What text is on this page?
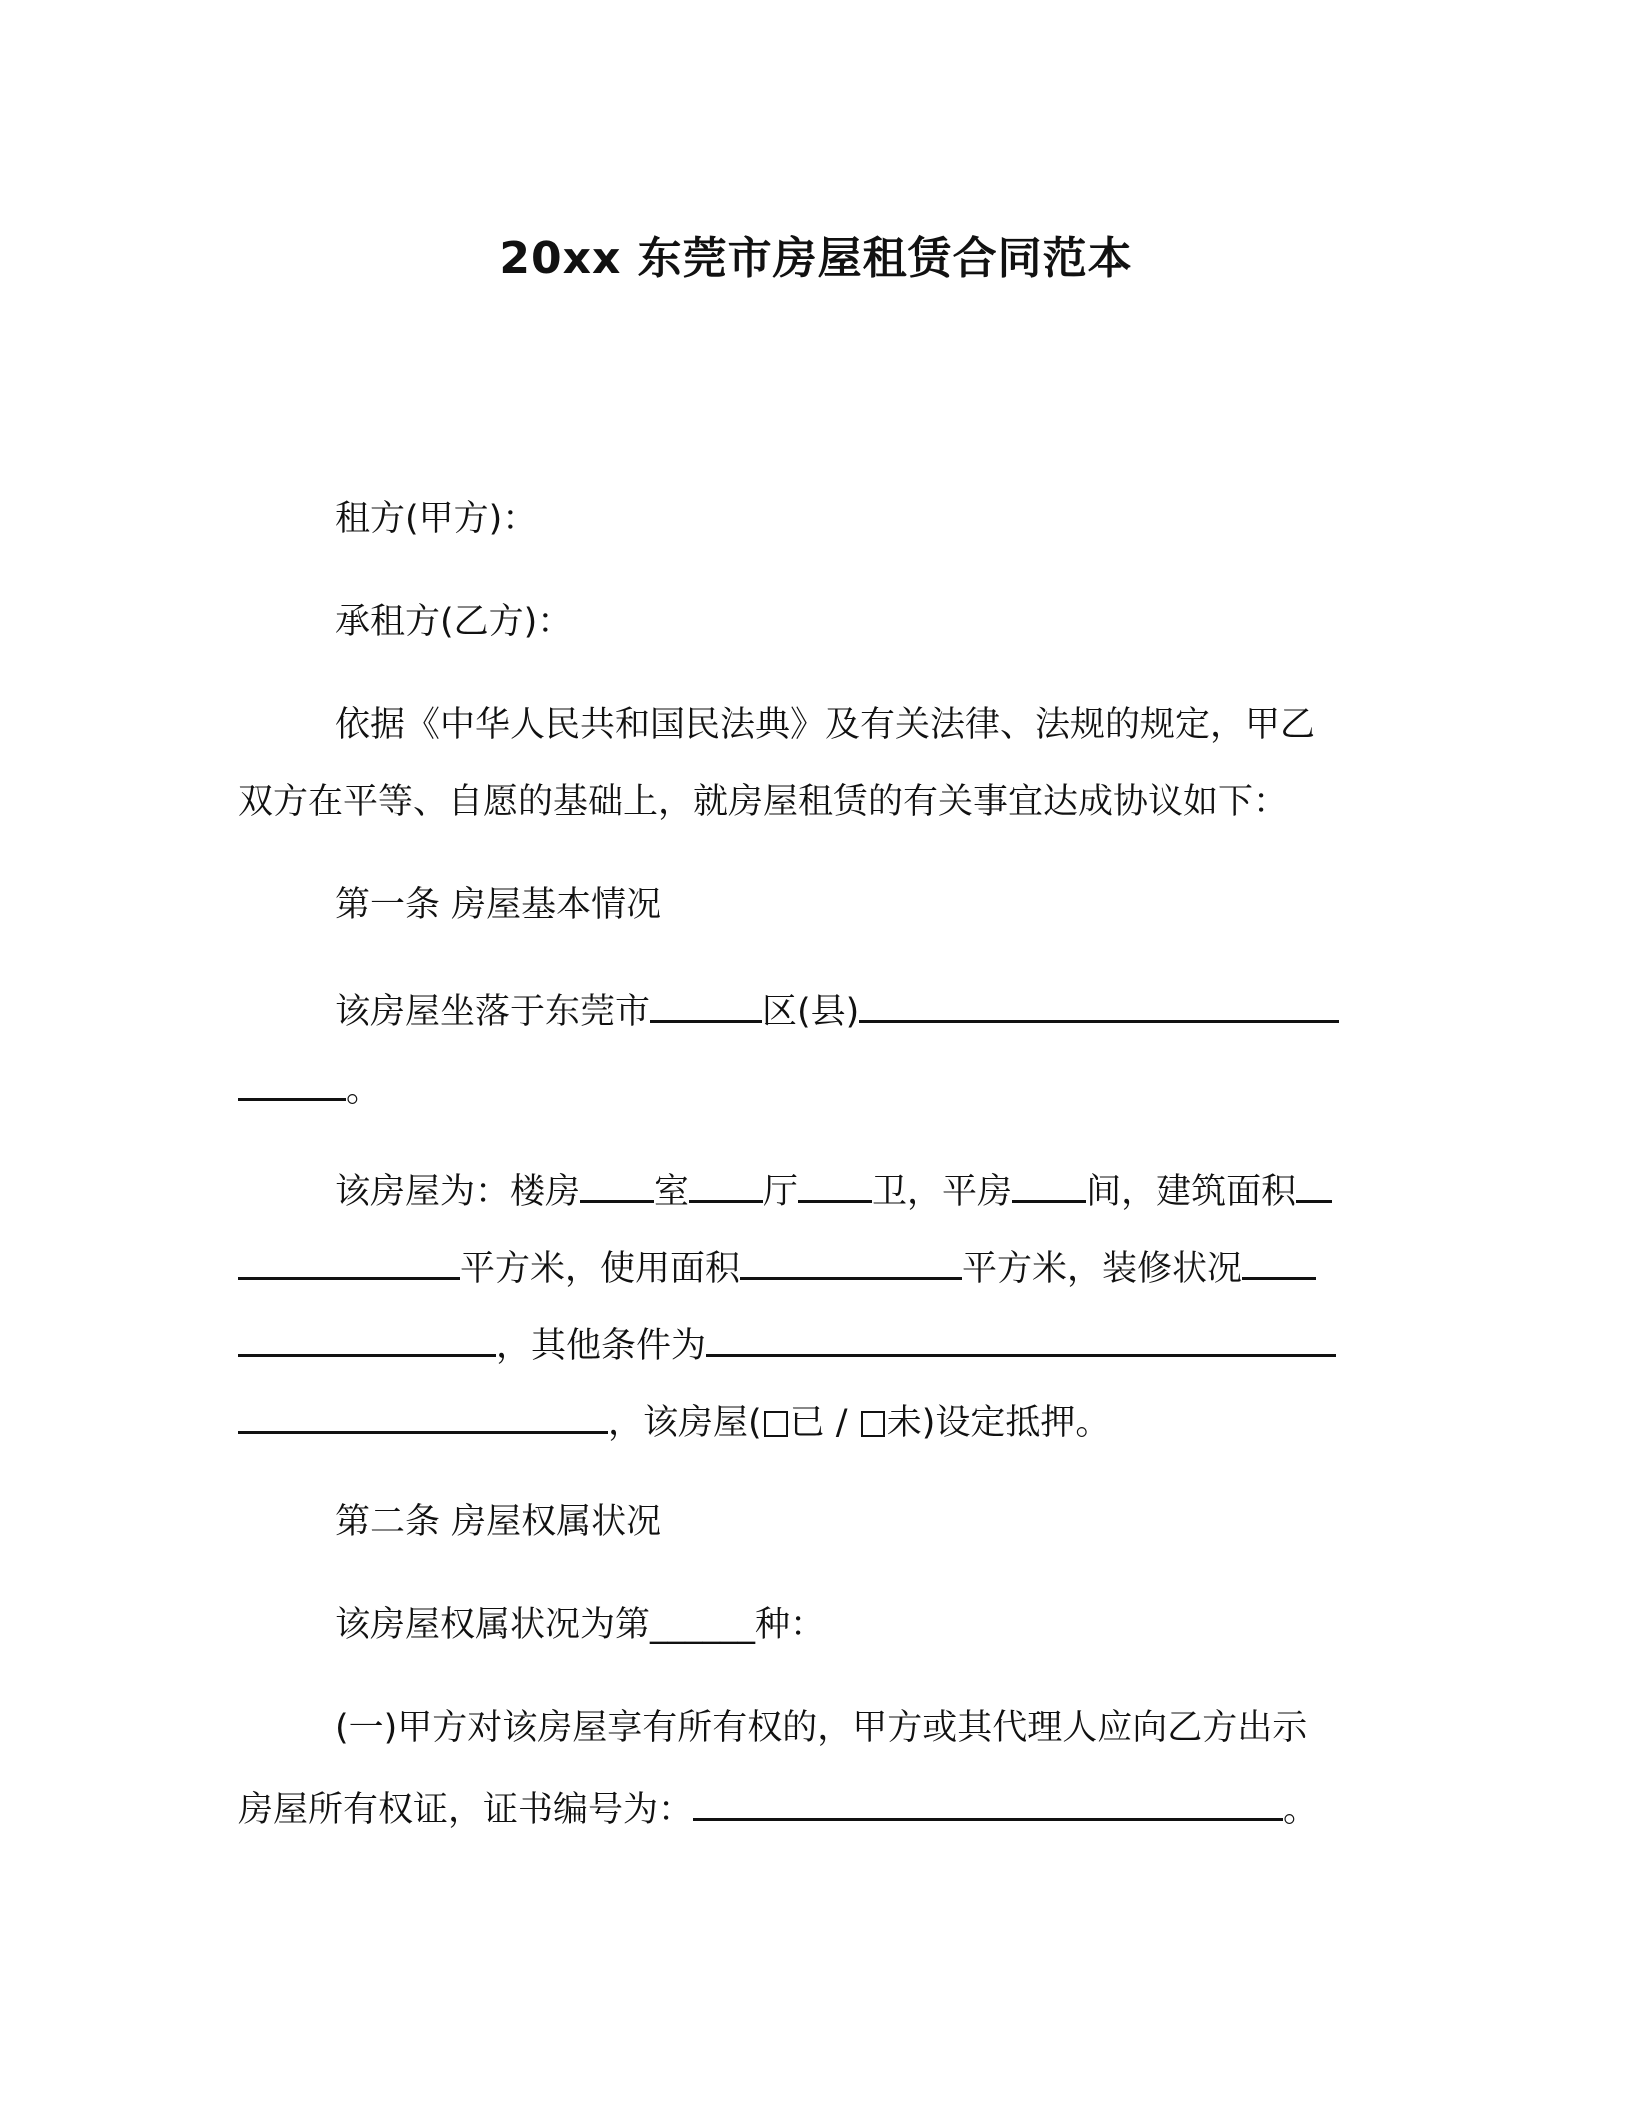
20xx 东莞市房屋租赁合同范本
租方(甲方)：
承租方(乙方)：
依据《中华人民共和国民法典》及有关法律、法规的规定，甲乙
双方在平等、自愿的基础上，就房屋租赁的有关事宜达成协议如下：
第一条 房屋基本情况
该房屋坐落于东莞市	区(县)
。
该房屋为：楼房 室 厅 卫，平房 间，建筑面积
平方米，使用面积	平方米，装修状况
，其他条件为
，该房屋( 已 / 未)设定抵押。
第二条 房屋权属状况
该房屋权属状况为第______种：
(一)甲方对该房屋享有所有权的，甲方或其代理人应向乙方出示
房屋所有权证，证书编号为：	。
